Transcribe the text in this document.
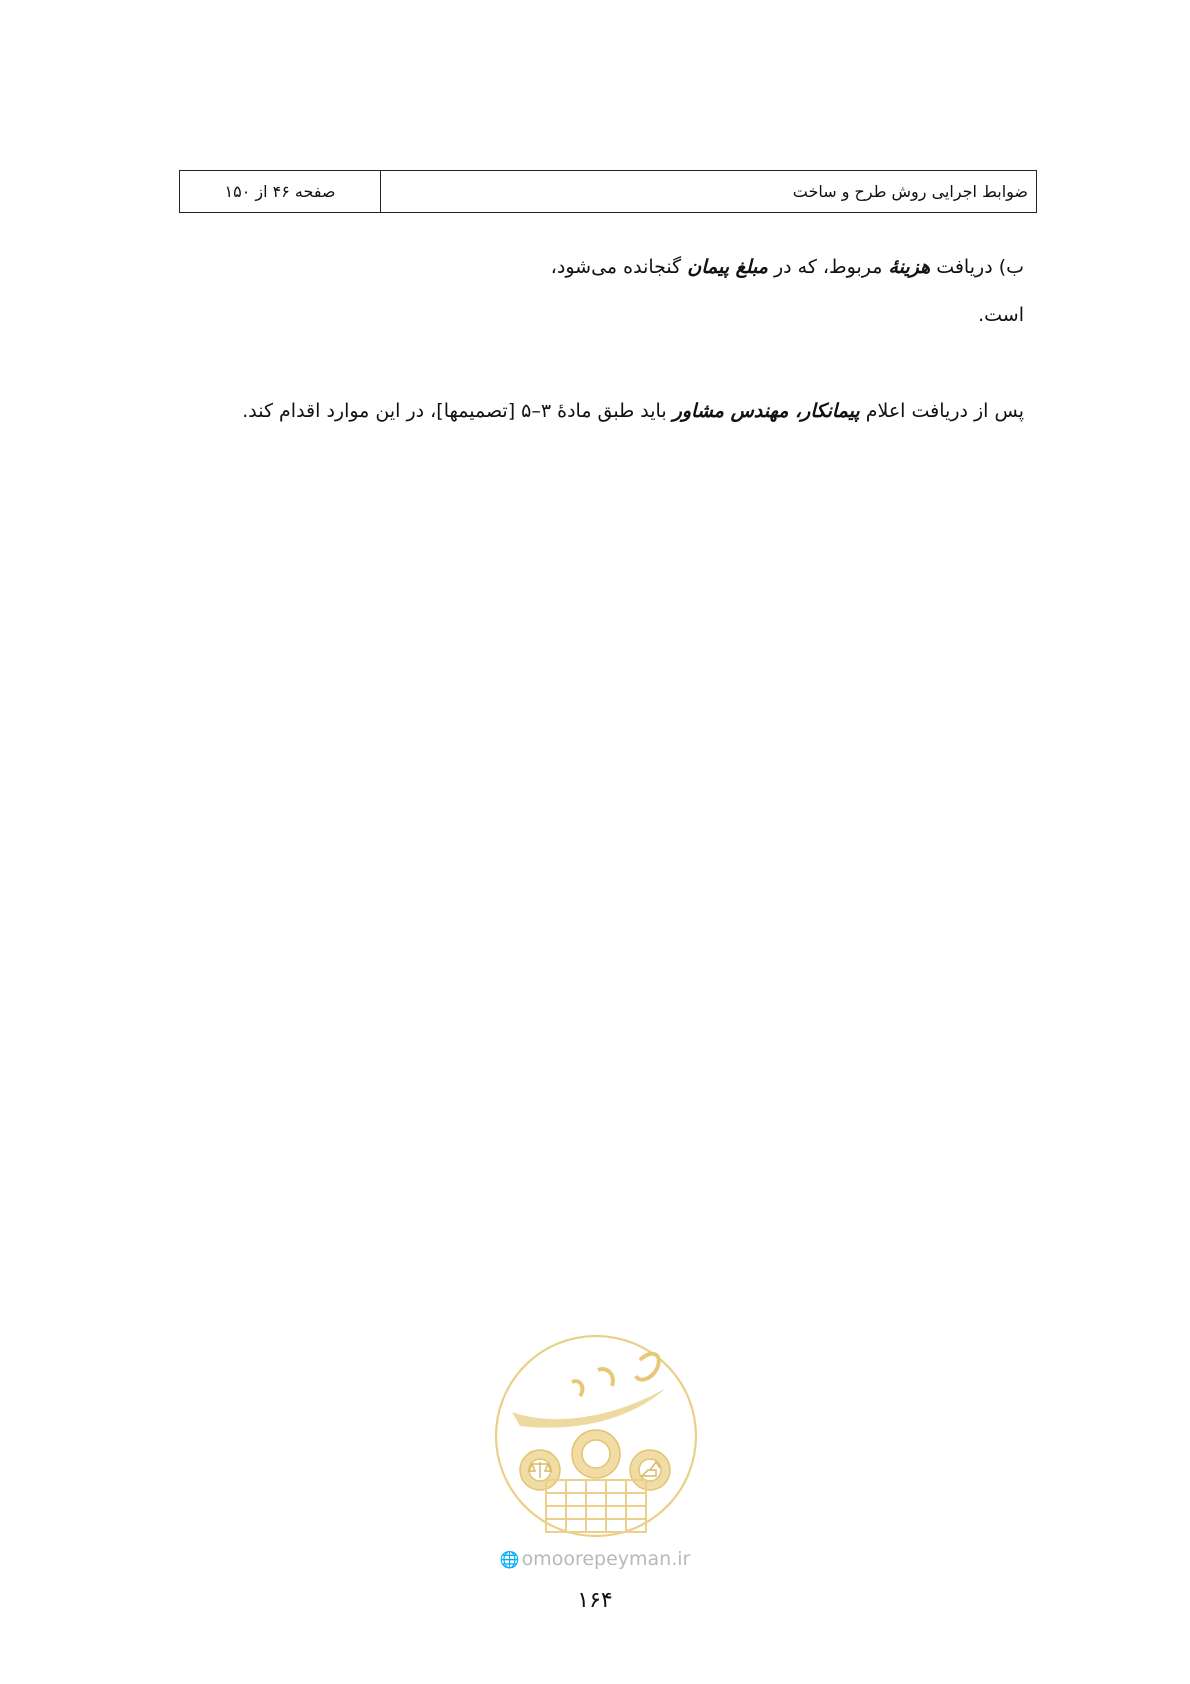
صفحه ۴۶ از ۱۵۰	ضوابط اجرایی روش طرح و ساخت
ب) دریافت هزینهٔ مربوط، که در مبلغ پیمان گنجانده می‌شود،
است.
پس از دریافت اعلام پیمانکار، مهندس مشاور باید طبق مادهٔ ۳–۵ [تصمیمها]، در این موارد اقدام کند.
🌐 omoorepeyman.ir
۱۶۴
